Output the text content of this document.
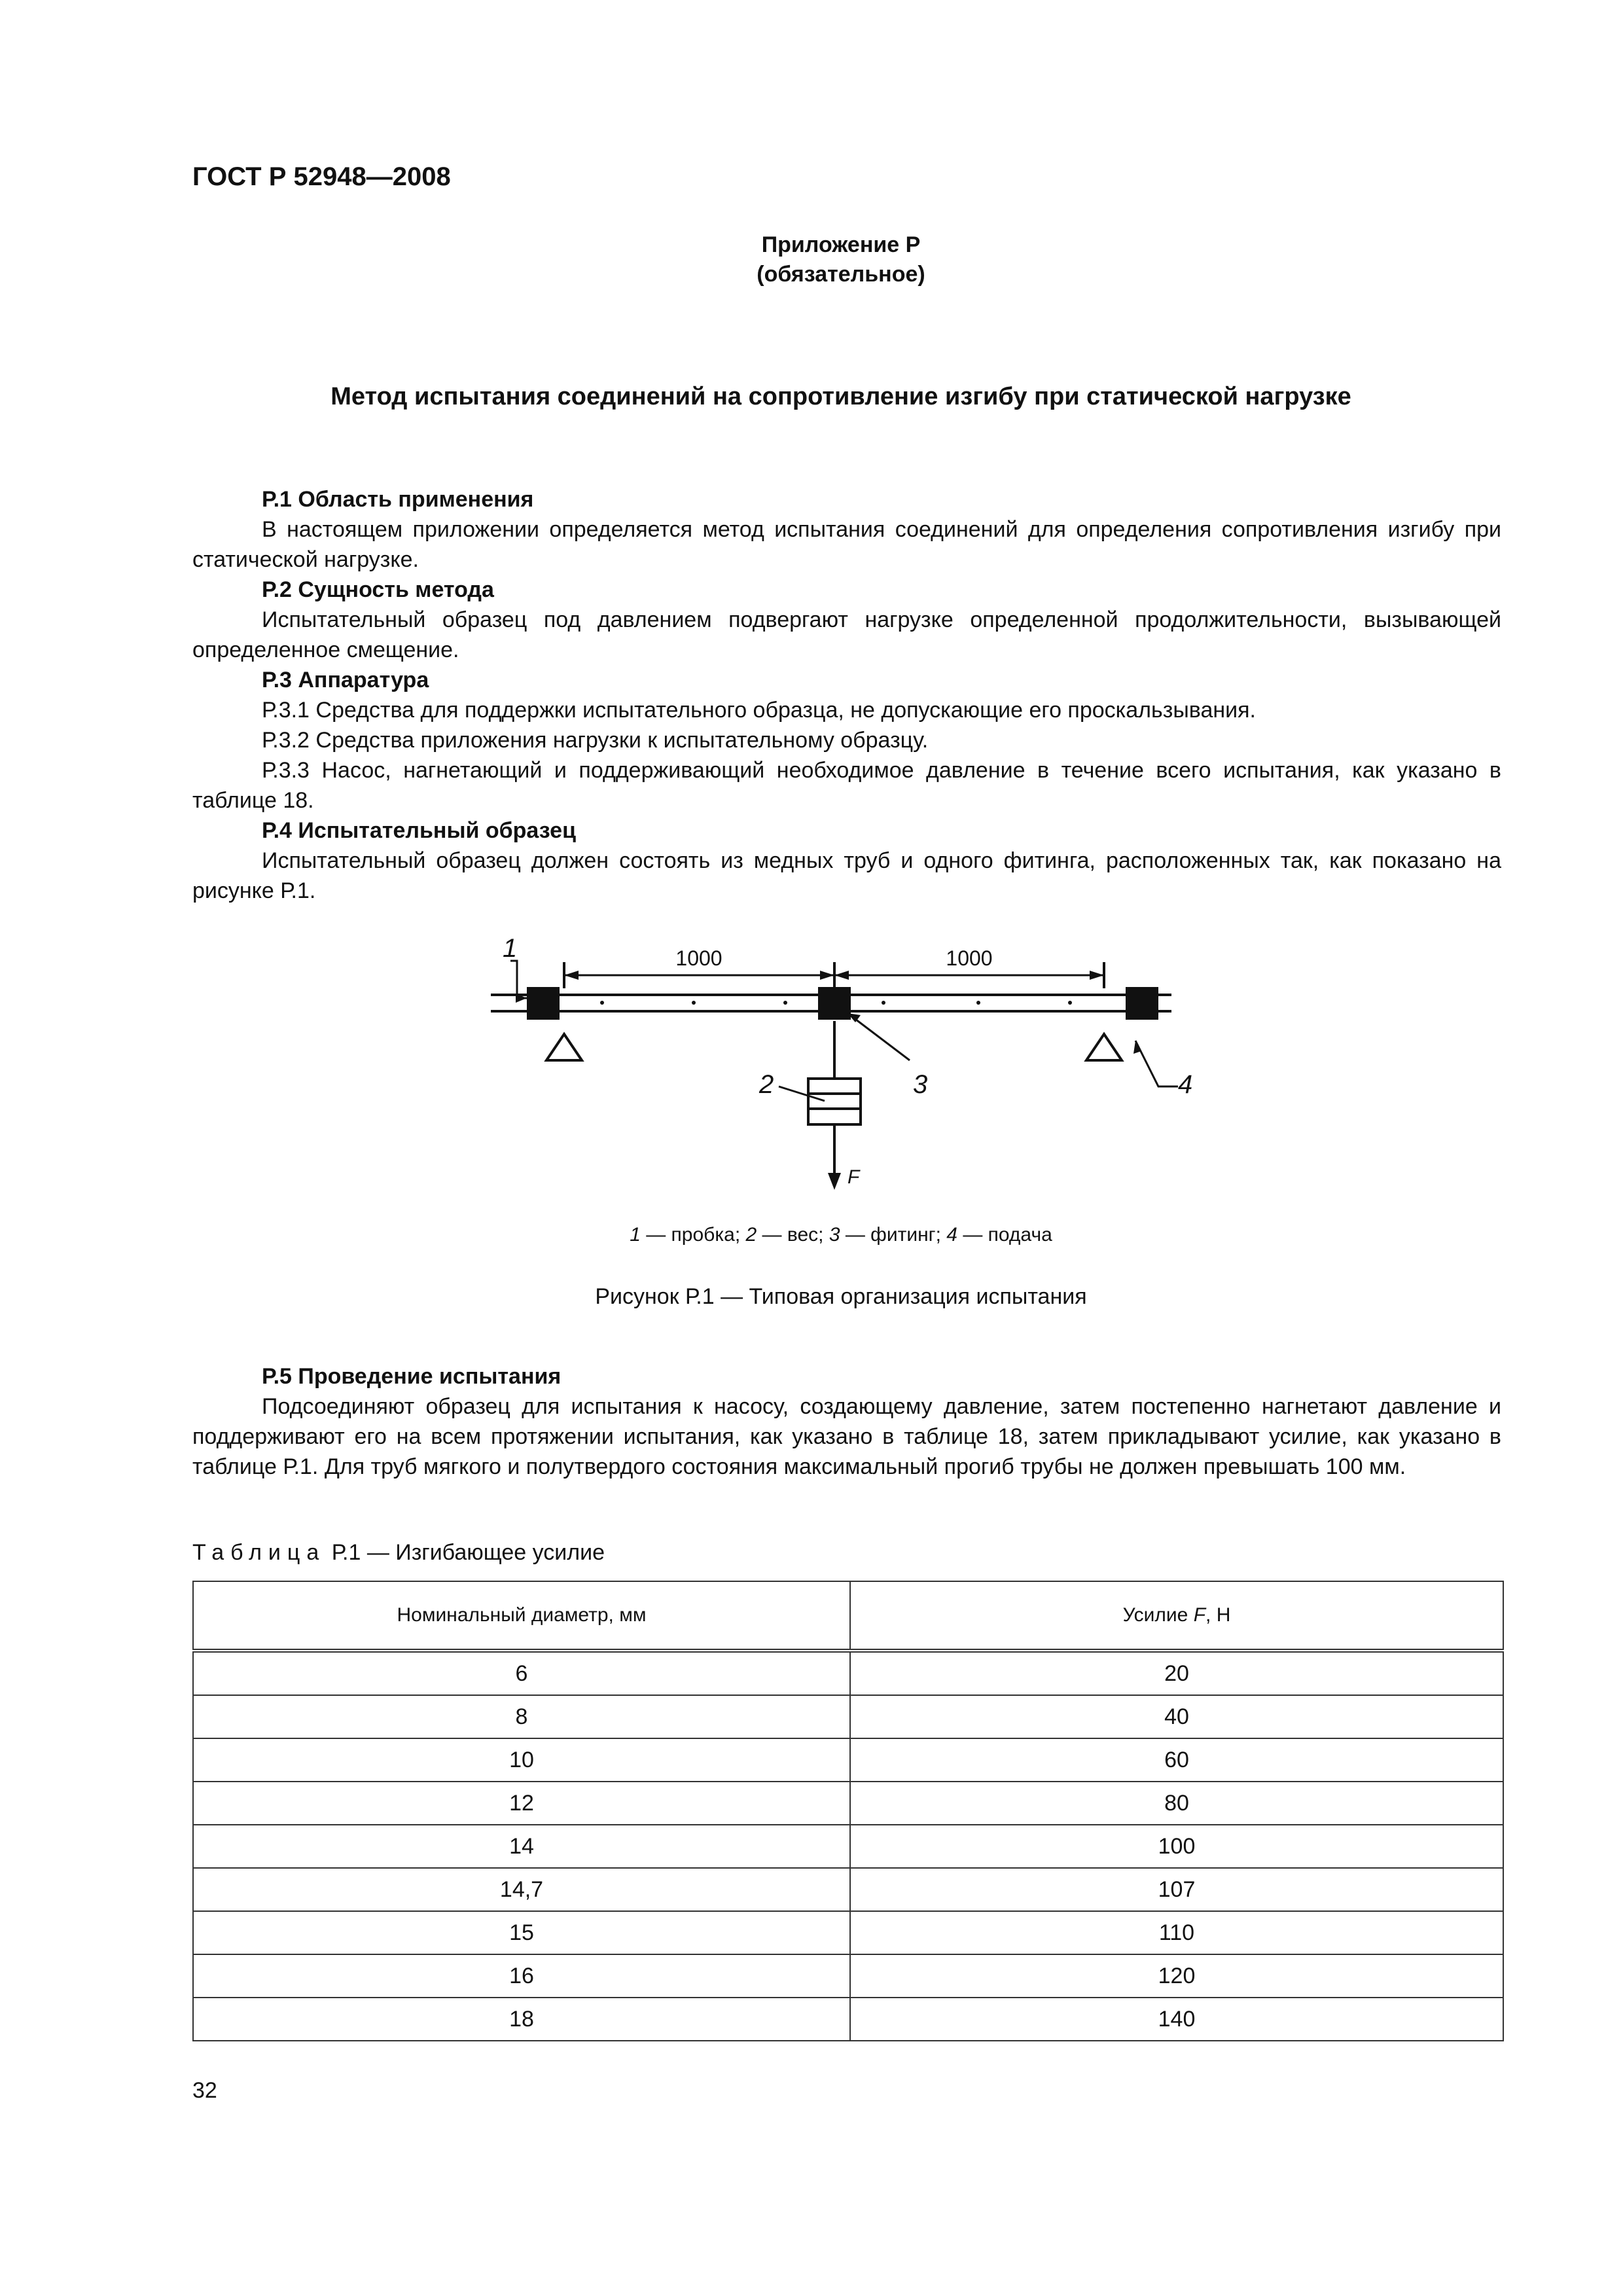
ГОСТ Р 52948—2008
Приложение Р
(обязательное)
Метод испытания соединений на сопротивление изгибу при статической нагрузке

Р.1 Область применения

В настоящем приложении определяется метод испытания соединений для определения сопротивления изгибу при статической нагрузке.

Р.2 Сущность метода

Испытательный образец под давлением подвергают нагрузке определенной продолжительности, вызывающей определенное смещение.

Р.3 Аппаратура

Р.3.1 Средства для поддержки испытательного образца, не допускающие его проскальзывания.

Р.3.2 Средства приложения нагрузки к испытательному образцу.

Р.3.3 Насос, нагнетающий и поддерживающий необходимое давление в течение всего испытания, как указано в таблице 18.

Р.4 Испытательный образец

Испытательный образец должен состоять из медных труб и одного фитинга, расположенных так, как показано на рисунке Р.1.

1000	1000
1
2	3	4
F
1 — пробка; 2 — вес; 3 — фитинг; 4 — подача
Рисунок Р.1 — Типовая организация испытания

Р.5 Проведение испытания

Подсоединяют образец для испытания к насосу, создающему давление, затем постепенно нагнетают давление и поддерживают его на всем протяжении испытания, как указано в таблице 18, затем прикладывают усилие, как указано в таблице Р.1. Для труб мягкого и полутвердого состояния максимальный прогиб трубы не должен превышать 100 мм.

Таблица Р.1 — Изгибающее усилие
Номинальный диаметр, мм	Усилие F, Н
6	20
8	40
10	60
12	80
14	100
14,7	107
15	110
16	120
18	140
32
